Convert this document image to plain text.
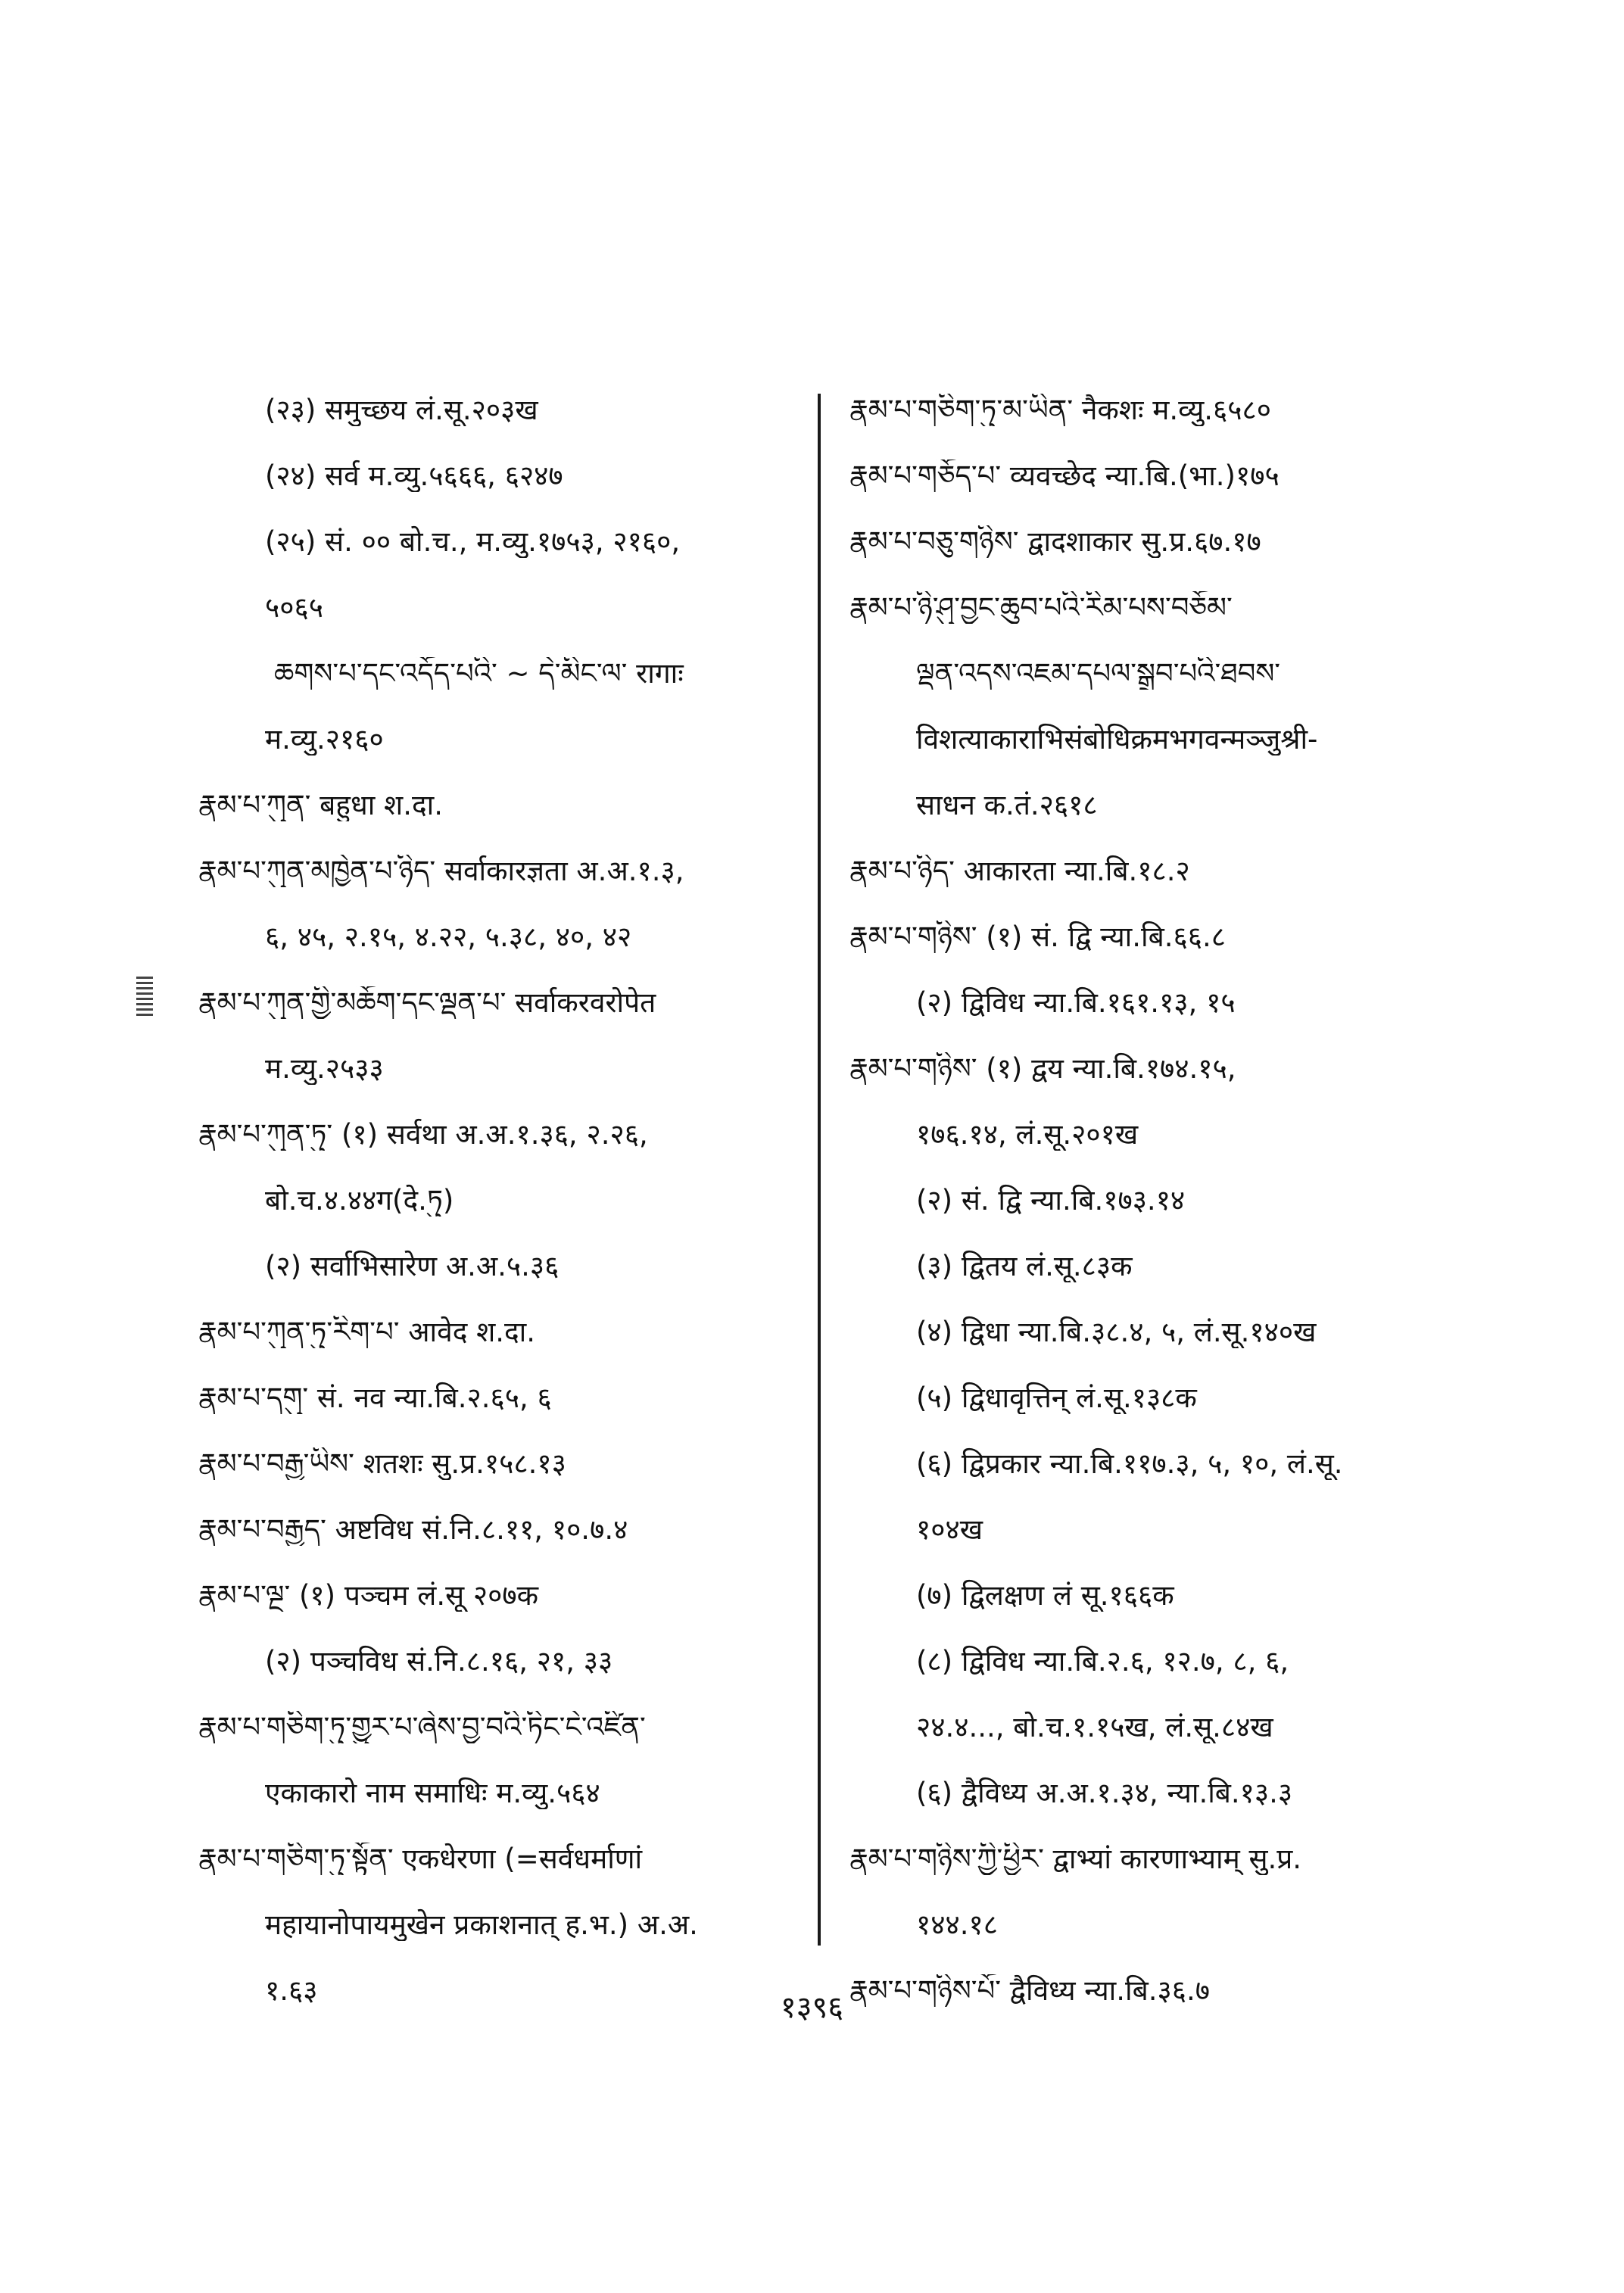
(२३) समुच्छय लं.सू.२०३ख
(२४) सर्व म.व्यु.५६६६, ६२४७
(२५) सं. ०० बो.च., म.व्यु.१७५३, २१६०,
५०६५
ཆགས་པ་དང་འདོད་པའི་ ~ དེ་མིང་ལ་ रागाः
म.व्यु.२१६०
རྣམ་པ་ཀུན་ बहुधा श.दा.
རྣམ་པ་ཀུན་མཁྱེན་པ་ཉིད་ सर्वाकारज्ञता अ.अ.१.३,
६, ४५, २.१५, ४.२२, ५.३८, ४०, ४२
རྣམ་པ་ཀུན་གྱི་མཆོག་དང་ལྡན་པ་ सर्वाकरवरोपेत
म.व्यु.२५३३
རྣམ་པ་ཀུན་ཏུ་ (१) सर्वथा अ.अ.१.३६, २.२६,
बो.च.४.४४ग(दे.ཏུ)
(२) सर्वाभिसारेण अ.अ.५.३६
རྣམ་པ་ཀུན་ཏུ་རིག་པ་ आवेद श.दा.
རྣམ་པ་དགུ་ सं. नव न्या.बि.२.६५, ६
རྣམ་པ་བརྒྱ་ཡིས་ शतशः सु.प्र.१५८.१३
རྣམ་པ་བརྒྱད་ अष्टविध सं.नि.८.११, १०.७.४
རྣམ་པ་ལྔ་ (१) पञ्चम लं.सू २०७क
(२) पञ्चविध सं.नि.८.१६, २१, ३३
རྣམ་པ་གཅིག་ཏུ་གྱུར་པ་ཞེས་བྱ་བའི་ཏིང་ངེ་འཛིན་
एकाकारो नाम समाधिः म.व्यु.५६४
རྣམ་པ་གཅིག་ཏུ་སྟོན་ एकधेरणा (=सर्वधर्माणां
महायानोपायमुखेन प्रकाशनात् ह.भ.) अ.अ.
१.६३
རྣམ་པ་གཅིག་ཏུ་མ་ཡིན་ नैकशः म.व्यु.६५८०
རྣམ་པ་གཅོད་པ་ व्यवच्छेद न्या.बि.(भा.)१७५
རྣམ་པ་བཅུ་གཉིས་ द्वादशाकार सु.प्र.६७.१७
རྣམ་པ་ཉི་ཤུ་བྱང་ཆུབ་པའི་རིམ་པས་བཅོམ་
ལྡན་འདས་འཇམ་དཔལ་སྒྲུབ་པའི་ཐབས་
विशत्याकाराभिसंबोधिक्रमभगवन्मञ्जुश्री-
साधन क.तं.२६१८
རྣམ་པ་ཉིད་ आकारता न्या.बि.१८.२
རྣམ་པ་གཉིས་ (१) सं. द्वि न्या.बि.६६.८
(२) द्विविध न्या.बि.१६१.१३, १५
རྣམ་པ་གཉིས་ (१) द्वय न्या.बि.१७४.१५,
१७६.१४, लं.सू.२०१ख
(२) सं. द्वि न्या.बि.१७३.१४
(३) द्वितय लं.सू.८३क
(४) द्विधा न्या.बि.३८.४, ५, लं.सू.१४०ख
(५) द्विधावृत्तिन् लं.सू.१३८क
(६) द्विप्रकार न्या.बि.११७.३, ५, १०, लं.सू.
१०४ख
(७) द्विलक्षण लं सू.१६६क
(८) द्विविध न्या.बि.२.६, १२.७, ८, ६,
२४.४..., बो.च.१.१५ख, लं.सू.८४ख
(६) द्वैविध्य अ.अ.१.३४, न्या.बि.१३.३
རྣམ་པ་གཉིས་ཀྱི་ཕྱིར་ द्वाभ्यां कारणाभ्याम् सु.प्र.
१४४.१८
རྣམ་པ་གཉིས་པོ་ द्वैविध्य न्या.बि.३६.७
१३९६
